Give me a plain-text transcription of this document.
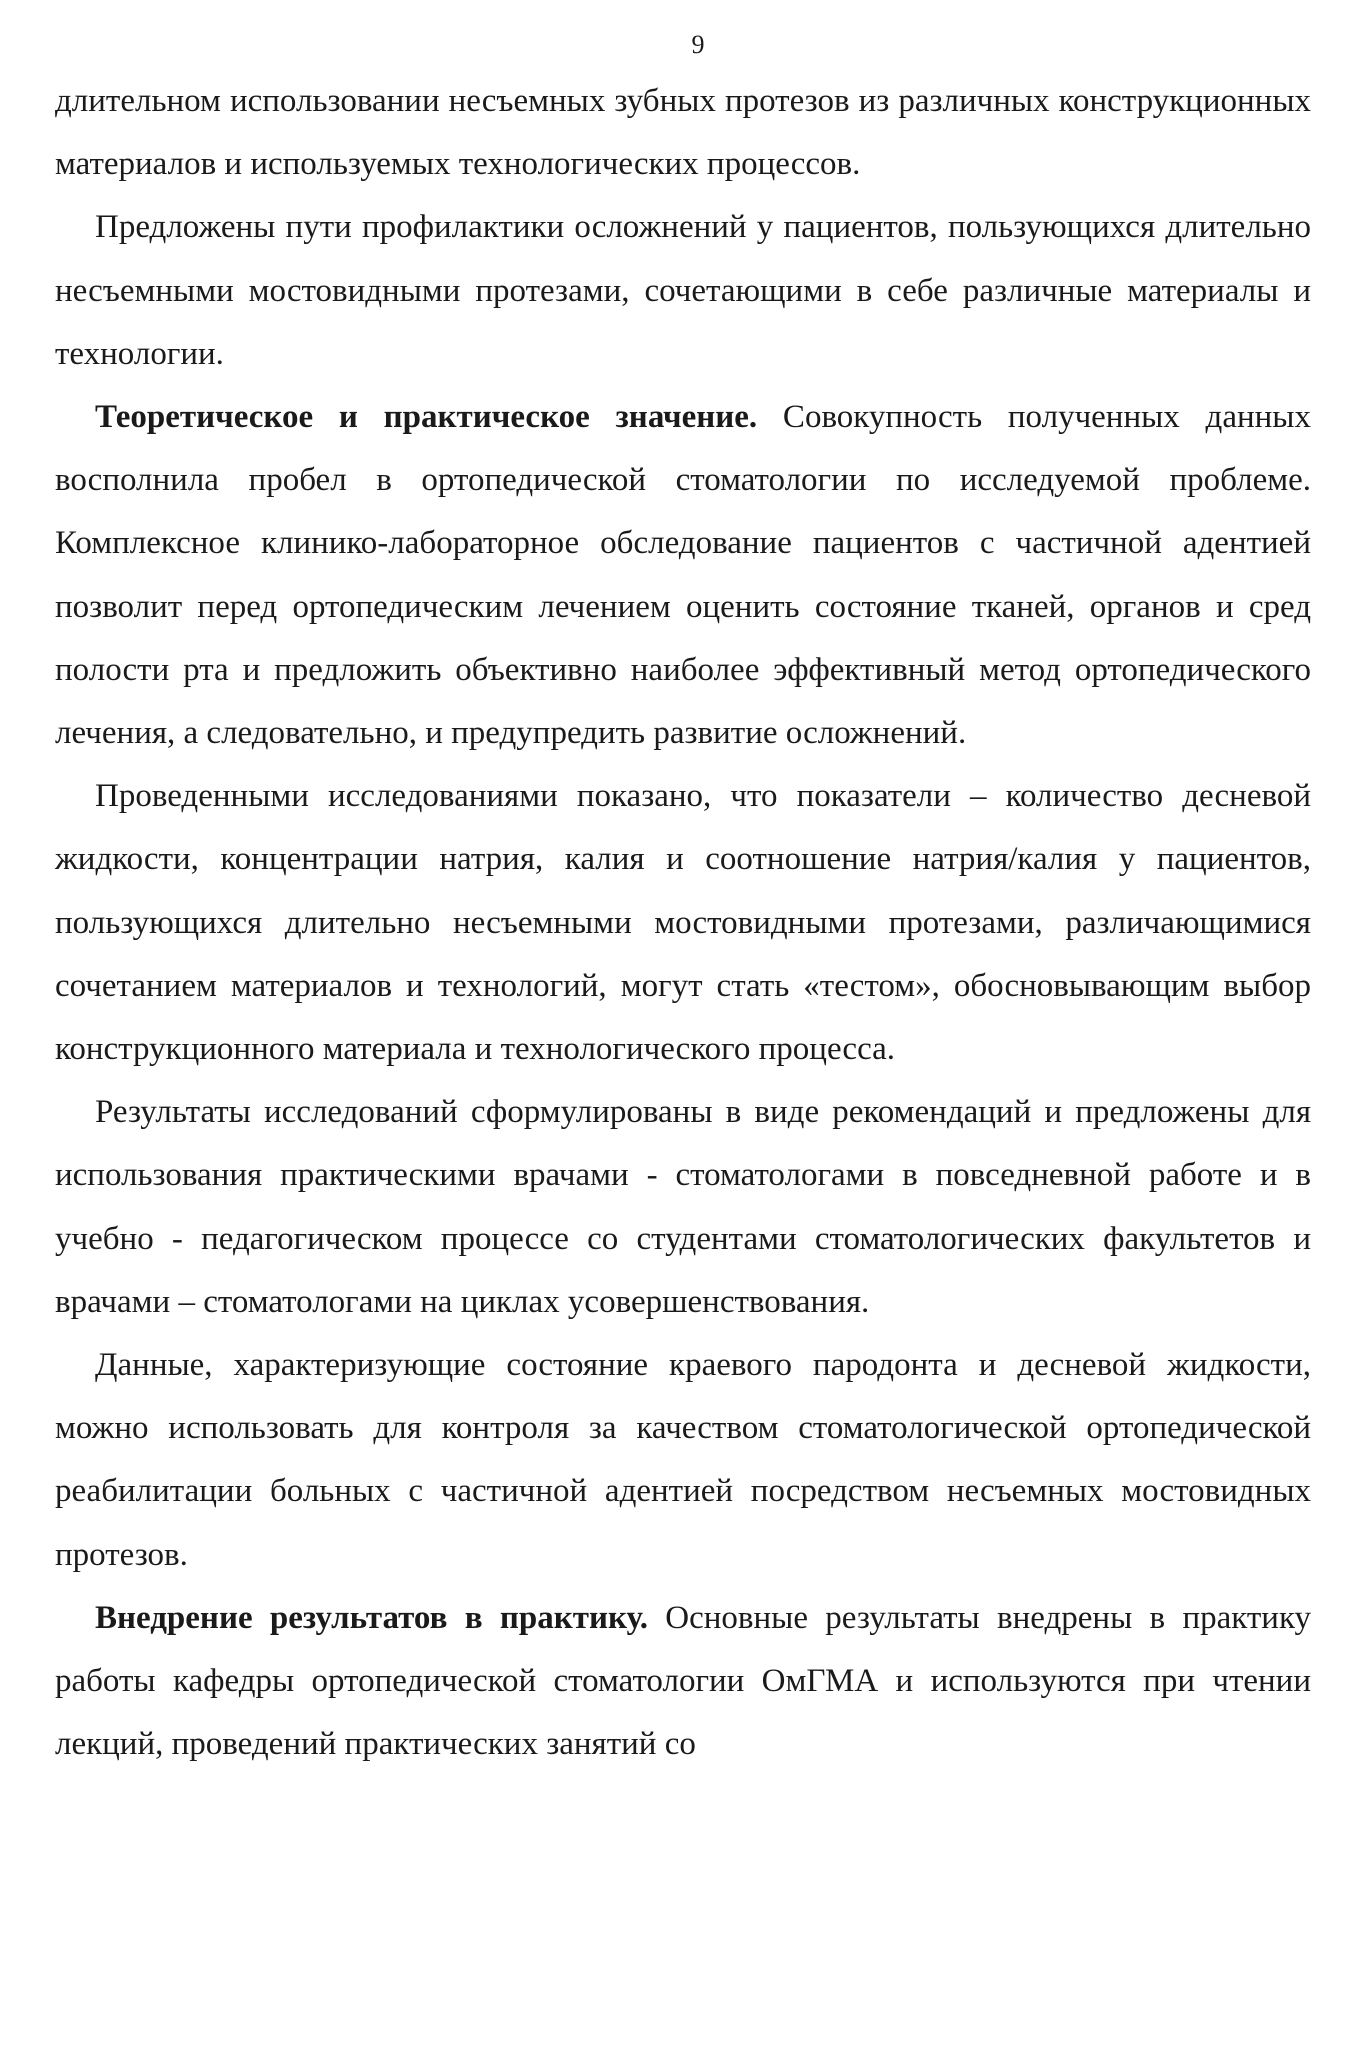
9

длительном использовании несъемных зубных протезов из различных конструкционных материалов и используемых технологических процессов.

Предложены пути профилактики осложнений у пациентов, пользующихся длительно несъемными мостовидными протезами, сочетающими в себе различные материалы и технологии.

Теоретическое и практическое значение. Совокупность полученных данных восполнила пробел в ортопедической стоматологии по исследуемой проблеме. Комплексное клинико-лабораторное обследование пациентов с частичной адентией позволит перед ортопедическим лечением оценить состояние тканей, органов и сред полости рта и предложить объективно наиболее эффективный метод ортопедического лечения, а следовательно, и предупредить развитие осложнений.

Проведенными исследованиями показано, что показатели – количество десневой жидкости, концентрации натрия, калия и соотношение натрия/калия у пациентов, пользующихся длительно несъемными мостовидными протезами, различающимися сочетанием материалов и технологий, могут стать «тестом», обосновывающим выбор конструкционного материала и технологического процесса.

Результаты исследований сформулированы в виде рекомендаций и предложены для использования практическими врачами - стоматологами в повседневной работе и в учебно - педагогическом процессе со студентами стоматологических факультетов и врачами – стоматологами на циклах усовершенствования.

Данные, характеризующие состояние краевого пародонта и десневой жидкости, можно использовать для контроля за качеством стоматологической ортопедической реабилитации больных с частичной адентией посредством несъемных мостовидных протезов.

Внедрение результатов в практику. Основные результаты внедрены в практику работы кафедры ортопедической стоматологии ОмГМА и используются при чтении лекций, проведений практических занятий со
